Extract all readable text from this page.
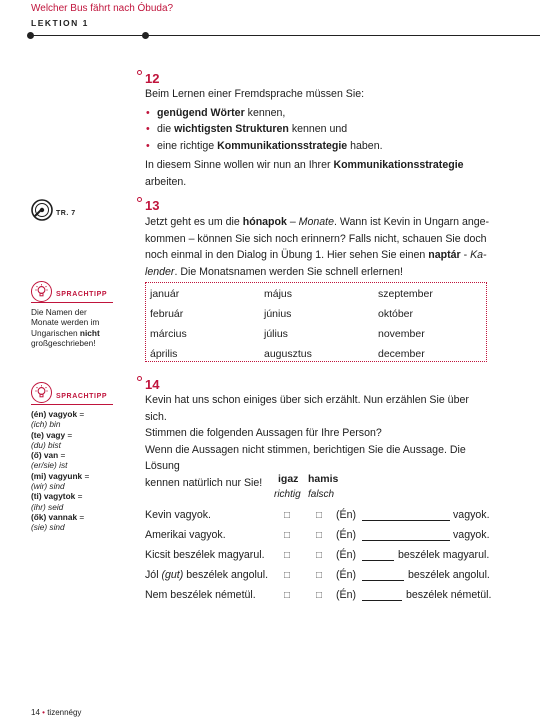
Welcher Bus fährt nach Óbuda?
LEKTION 1
12

Beim Lernen einer Fremdsprache müssen Sie:

• genügend Wörter kennen,
• die wichtigsten Strukturen kennen und
• eine richtige Kommunikationsstrategie haben.

In diesem Sinne wollen wir nun an Ihrer Kommunikationsstrategie
arbeiten.

TR. 7
13

Jetzt geht es um die hónapok – Monate. Wann ist Kevin in Ungarn ange-

kommen – können Sie sich noch erinnern? Falls nicht, schauen Sie doch

noch einmal in den Dialog in Übung 1. Hier sehen Sie einen naptár - Ka-

lender. Die Monatsnamen werden Sie schnell erlernen!

SPRACHTIPP
Die Namen der
Monate werden im
Ungarischen nicht
großgeschrieben!
január	május	szeptember
február	június	október
március	július	november
április	augusztus	december
SPRACHTIPP
(én) vagyok =
(ich) bin
(te) vagy =
(du) bist
(ő) van =
(er/sie) ist
(mi) vagyunk =
(wir) sind
(ti) vagytok =
(ihr) seid
(ők) vannak =
(sie) sind
14

Kevin hat uns schon einiges über sich erzählt. Nun erzählen Sie über sich.

Stimmen die folgenden Aussagen für Ihre Person?

Wenn die Aussagen nicht stimmen, berichtigen Sie die Aussage. Die Lösung

kennen natürlich nur Sie!	igaz hamis
richtig falsch
Kevin vagyok.	□	□ (Én)	vagyok.
Amerikai vagyok.	□	□ (Én)	vagyok.
Kicsit beszélek magyarul. □	□ (Én)	beszélek magyarul.
Jól (gut) beszélek angolul. □	□ (Én)	beszélek angolul.
Nem beszélek németül.	□	□ (Én)	beszélek németül.
14 • tizennégy
